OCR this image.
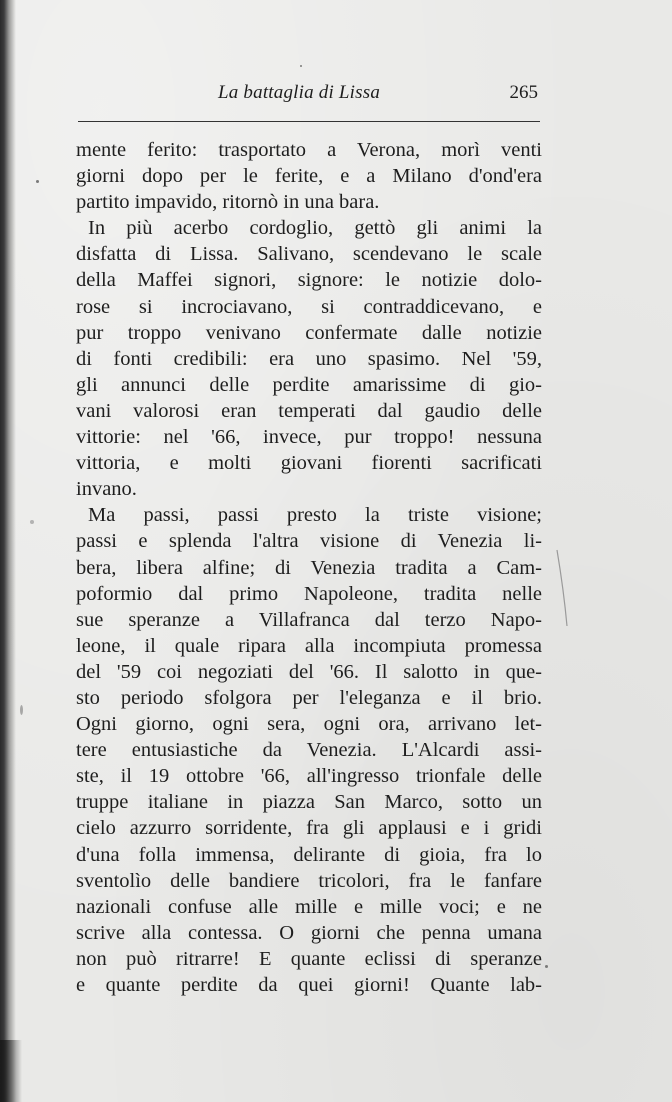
La battaglia di Lissa	265
mente ferito: trasportato a Verona, morì venti
giorni dopo per le ferite, e a Milano d'ond'era
partito impavido, ritornò in una bara.
In più acerbo cordoglio, gettò gli animi la
disfatta di Lissa. Salivano, scendevano le scale
della Maffei signori, signore: le notizie dolo-
rose si incrociavano, si contraddicevano, e
pur troppo venivano confermate dalle notizie
di fonti credibili: era uno spasimo. Nel '59,
gli annunci delle perdite amarissime di gio-
vani valorosi eran temperati dal gaudio delle
vittorie: nel '66, invece, pur troppo! nessuna
vittoria, e molti giovani fiorenti sacrificati
invano.
Ma passi, passi presto la triste visione;
passi e splenda l'altra visione di Venezia li-
bera, libera alfine; di Venezia tradita a Cam-
poformio dal primo Napoleone, tradita nelle
sue speranze a Villafranca dal terzo Napo-
leone, il quale ripara alla incompiuta promessa
del '59 coi negoziati del '66. Il salotto in que-
sto periodo sfolgora per l'eleganza e il brio.
Ogni giorno, ogni sera, ogni ora, arrivano let-
tere entusiastiche da Venezia. L'Alcardi assi-
ste, il 19 ottobre '66, all'ingresso trionfale delle
truppe italiane in piazza San Marco, sotto un
cielo azzurro sorridente, fra gli applausi e i gridi
d'una folla immensa, delirante di gioia, fra lo
sventolìo delle bandiere tricolori, fra le fanfare
nazionali confuse alle mille e mille voci; e ne
scrive alla contessa. O giorni che penna umana
non può ritrarre! E quante eclissi di speranze
e quante perdite da quei giorni! Quante lab-
